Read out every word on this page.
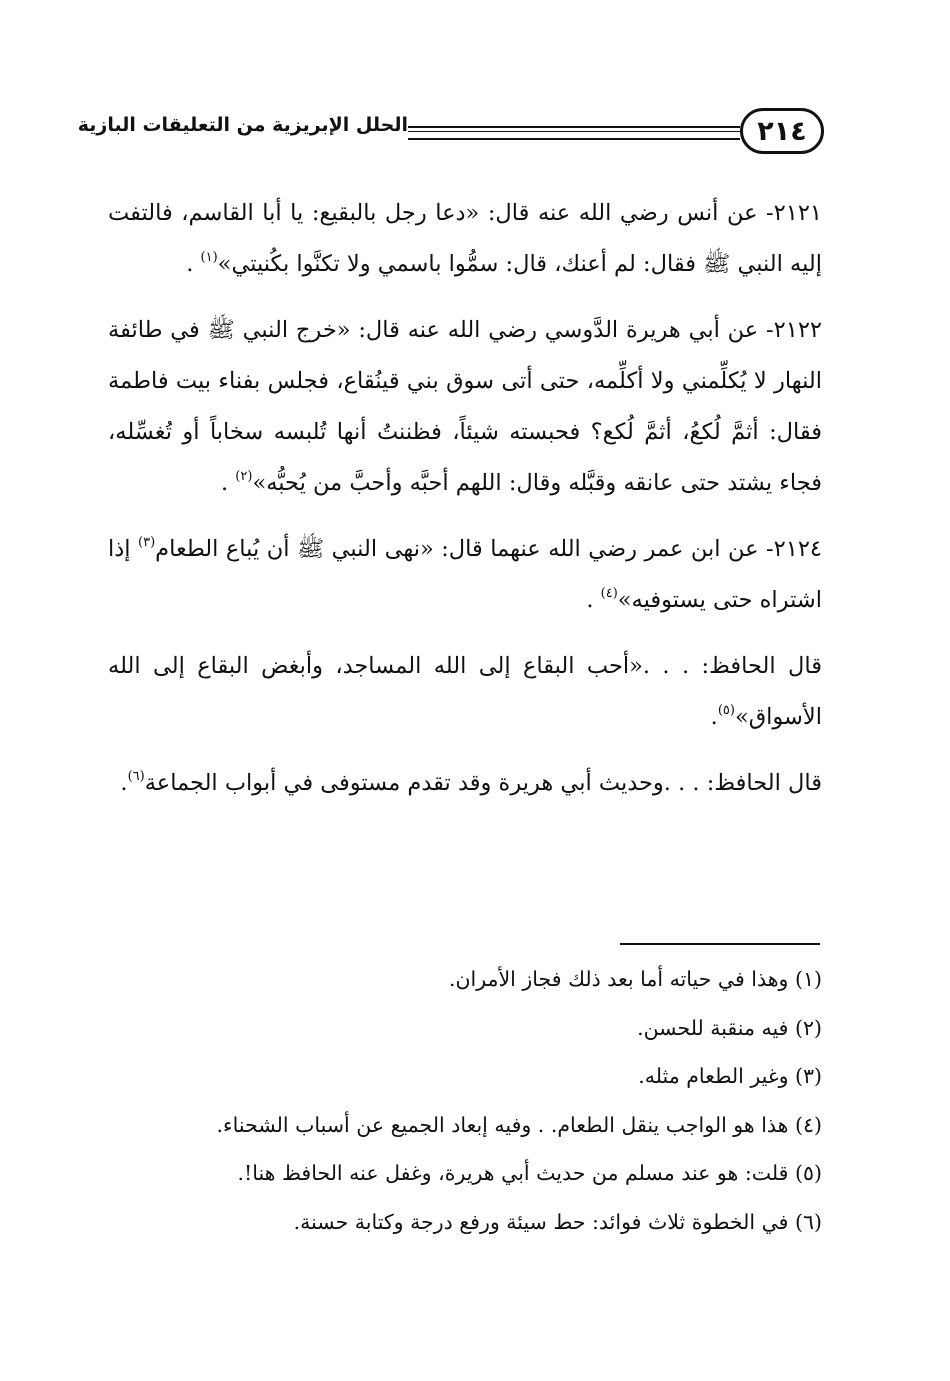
٢١٤
الحلل الإبريزية من التعليقات البازية

٢١٢١- عن أنس رضي الله عنه قال: «دعا رجل بالبقيع: يا أبا القاسم، فالتفت إليه النبي ﷺ فقال: لم أعنك، قال: سمُّوا باسمي ولا تكنَّوا بكُنيتي»$^{(١)}$ .

٢١٢٢- عن أبي هريرة الدَّوسي رضي الله عنه قال: «خرج النبي ﷺ في طائفة النهار لا يُكلِّمني ولا أكلِّمه، حتى أتى سوق بني قينُقاع، فجلس بفناء بيت فاطمة فقال: أثمَّ لُكعُ، أثمَّ لُكع؟ فحبسته شيئاً، فظننتُ أنها تُلبسه سخاباً أو تُغسِّله، فجاء يشتد حتى عانقه وقبَّله وقال: اللهم أحبَّه وأحبَّ من يُحبُّه»$^{(٢)}$ .

٢١٢٤- عن ابن عمر رضي الله عنهما قال: «نهى النبي ﷺ أن يُباع الطعام$^{(٣)}$ إذا اشتراه حتى يستوفيه»$^{(٤)}$ .

قال الحافظ: . . .«أحب البقاع إلى الله المساجد، وأبغض البقاع إلى الله الأسواق»$^{(٥)}$.

قال الحافظ: . . .وحديث أبي هريرة وقد تقدم مستوفى في أبواب الجماعة$^{(٦)}$.

(١) وهذا في حياته أما بعد ذلك فجاز الأمران.
(٢) فيه منقبة للحسن.
(٣) وغير الطعام مثله.
(٤) هذا هو الواجب ينقل الطعام. . وفيه إبعاد الجميع عن أسباب الشحناء.
(٥) قلت: هو عند مسلم من حديث أبي هريرة، وغفل عنه الحافظ هنا!.
(٦) في الخطوة ثلاث فوائد: حط سيئة ورفع درجة وكتابة حسنة.
